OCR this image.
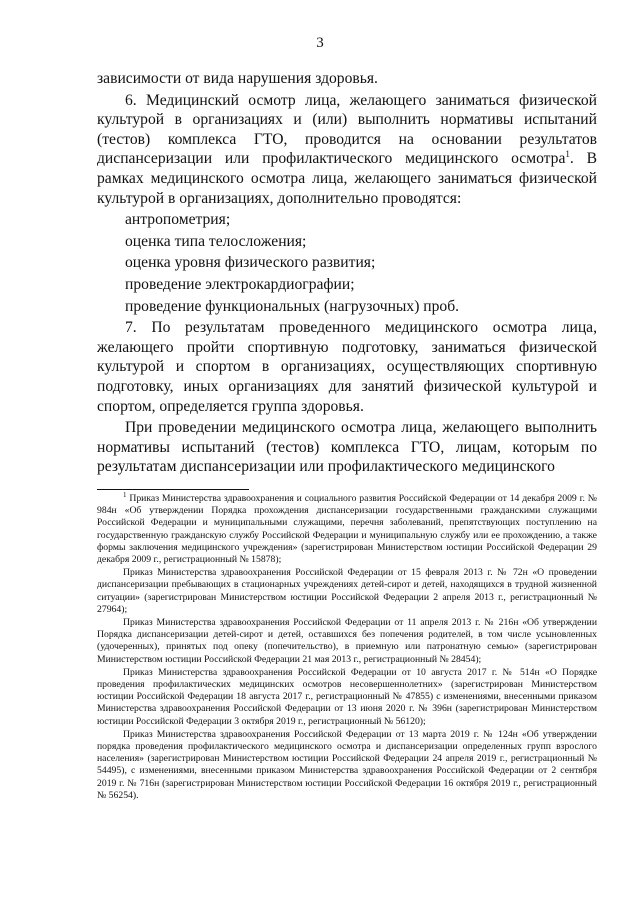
3

зависимости от вида нарушения здоровья.

6. Медицинский осмотр лица, желающего заниматься физической культурой в организациях и (или) выполнить нормативы испытаний (тестов) комплекса ГТО, проводится на основании результатов диспансеризации или профилактического медицинского осмотра$^1$. В рамках медицинского осмотра лица, желающего заниматься физической культурой в организациях, дополнительно проводятся:

антропометрия;

оценка типа телосложения;

оценка уровня физического развития;

проведение электрокардиографии;

проведение функциональных (нагрузочных) проб.

7. По результатам проведенного медицинского осмотра лица, желающего пройти спортивную подготовку, заниматься физической культурой и спортом в организациях, осуществляющих спортивную подготовку, иных организациях для занятий физической культурой и спортом, определяется группа здоровья.

При проведении медицинского осмотра лица, желающего выполнить нормативы испытаний (тестов) комплекса ГТО, лицам, которым по результатам диспансеризации или профилактического медицинского

$^1$ Приказ Министерства здравоохранения и социального развития Российской Федерации от 14 декабря 2009 г. № 984н «Об утверждении Порядка прохождения диспансеризации государственными гражданскими служащими Российской Федерации и муниципальными служащими, перечня заболеваний, препятствующих поступлению на государственную гражданскую службу Российской Федерации и муниципальную службу или ее прохождению, а также формы заключения медицинского учреждения» (зарегистрирован Министерством юстиции Российской Федерации 29 декабря 2009 г., регистрационный № 15878);

Приказ Министерства здравоохранения Российской Федерации от 15 февраля 2013 г. № 72н «О проведении диспансеризации пребывающих в стационарных учреждениях детей-сирот и детей, находящихся в трудной жизненной ситуации» (зарегистрирован Министерством юстиции Российской Федерации 2 апреля 2013 г., регистрационный № 27964);

Приказ Министерства здравоохранения Российской Федерации от 11 апреля 2013 г. № 216н «Об утверждении Порядка диспансеризации детей-сирот и детей, оставшихся без попечения родителей, в том числе усыновленных (удочеренных), принятых под опеку (попечительство), в приемную или патронатную семью» (зарегистрирован Министерством юстиции Российской Федерации 21 мая 2013 г., регистрационный № 28454);

Приказ Министерства здравоохранения Российской Федерации от 10 августа 2017 г. № 514н «О Порядке проведения профилактических медицинских осмотров несовершеннолетних» (зарегистрирован Министерством юстиции Российской Федерации 18 августа 2017 г., регистрационный № 47855) с изменениями, внесенными приказом Министерства здравоохранения Российской Федерации от 13 июня 2020 г. № 396н (зарегистрирован Министерством юстиции Российской Федерации 3 октября 2019 г., регистрационный № 56120);

Приказ Министерства здравоохранения Российской Федерации от 13 марта 2019 г. № 124н «Об утверждении порядка проведения профилактического медицинского осмотра и диспансеризации определенных групп взрослого населения» (зарегистрирован Министерством юстиции Российской Федерации 24 апреля 2019 г., регистрационный № 54495), с изменениями, внесенными приказом Министерства здравоохранения Российской Федерации от 2 сентября 2019 г. № 716н (зарегистрирован Министерством юстиции Российской Федерации 16 октября 2019 г., регистрационный № 56254).
